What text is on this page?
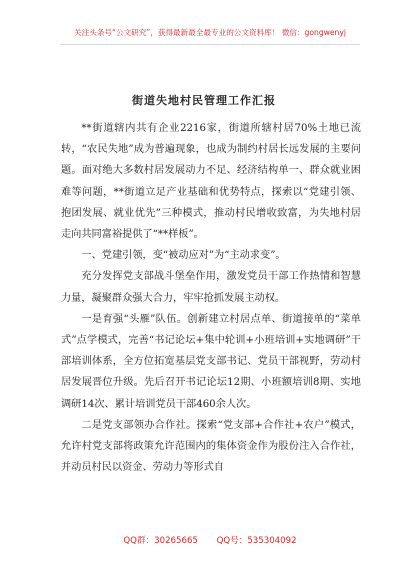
关注头条号“公文研究”，获得最新最全最专业的公文资料库！ 微信：gongwenyj
街道失地村民管理工作汇报

**街道辖内共有企业2216家，街道所辖村居70%土地已流转，“农民失地”成为普遍现象，也成为制约村居长远发展的主要问题。面对绝大多数村居发展动力不足、经济结构单一、群众就业困难等问题，**街道立足产业基础和优势特点，探索以“党建引领、抱团发展、就业优先”三种模式，推动村民增收致富，为失地村居走向共同富裕提供了“**样板”。

一、党建引领，变“被动应对”为“主动求变”。

充分发挥党支部战斗堡垒作用，激发党员干部工作热情和智慧力量，凝聚群众强大合力，牢牢抢抓发展主动权。

一是育强“头雁”队伍。创新建立村居点单、街道接单的“菜单式”点学模式，完善“书记论坛+集中轮训+小班培训+实地调研”干部培训体系，全方位拓宽基层党支部书记、党员干部视野，劳动村居发展晋位升级。先后召开书记论坛12期、小班额培训8期、实地调研14次、累计培训党员干部460余人次。

二是党支部领办合作社。探索“党支部+合作社+农户”模式，允许村党支部将政策允许范围内的集体资金作为股份注入合作社，并动员村民以资金、劳动力等形式自

QQ群：30265665 QQ号：535304092
